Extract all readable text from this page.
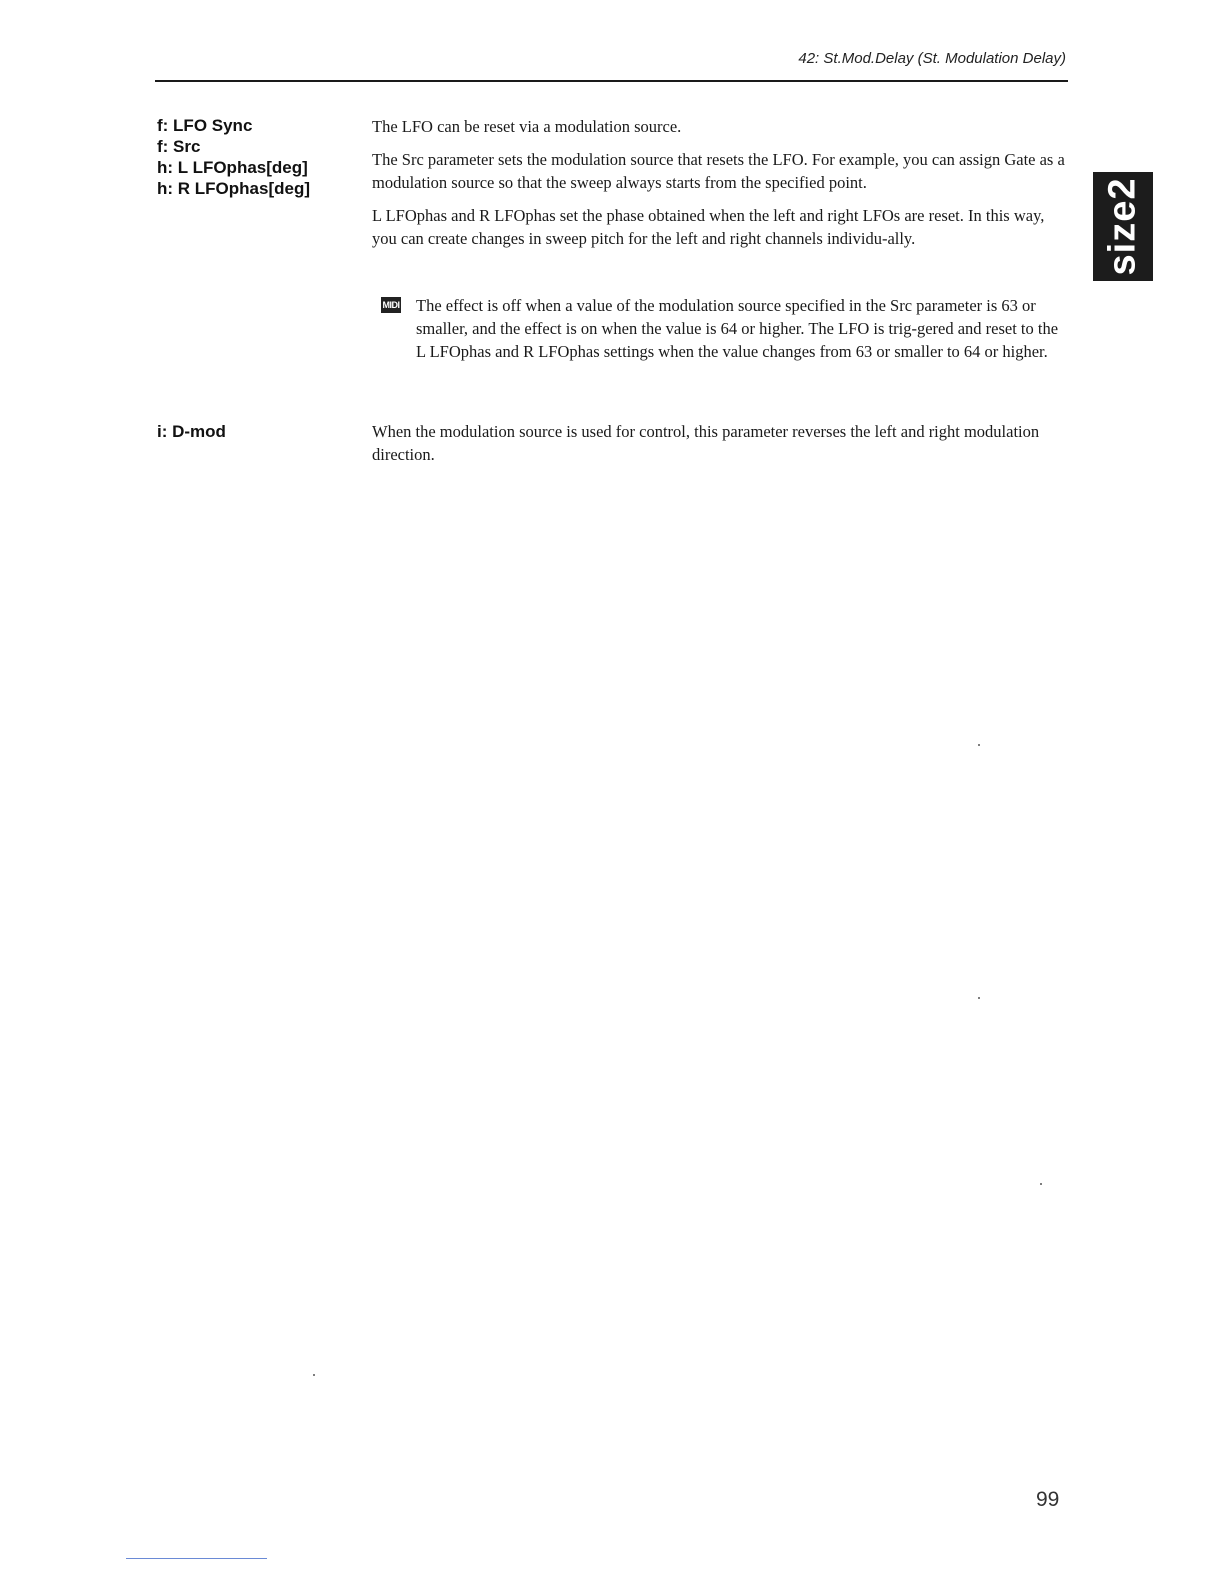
42: St.Mod.Delay (St. Modulation Delay)
size2
f: LFO Sync
f: Src
h: L LFOphas[deg]
h: R LFOphas[deg]

The LFO can be reset via a modulation source.

The Src parameter sets the modulation source that resets the LFO. For example, you can assign Gate as a modulation source so that the sweep always starts from the specified point.

L LFOphas and R LFOphas set the phase obtained when the left and right LFOs are reset. In this way, you can create changes in sweep pitch for the left and right channels individu-ally.

MIDI The effect is off when a value of the modulation source specified in the Src parameter is 63 or smaller, and the effect is on when the value is 64 or higher. The LFO is trig-gered and reset to the L LFOphas and R LFOphas settings when the value changes from 63 or smaller to 64 or higher.
i: D-mod	When the modulation source is used for control, this parameter reverses the left and right modulation direction.

99
